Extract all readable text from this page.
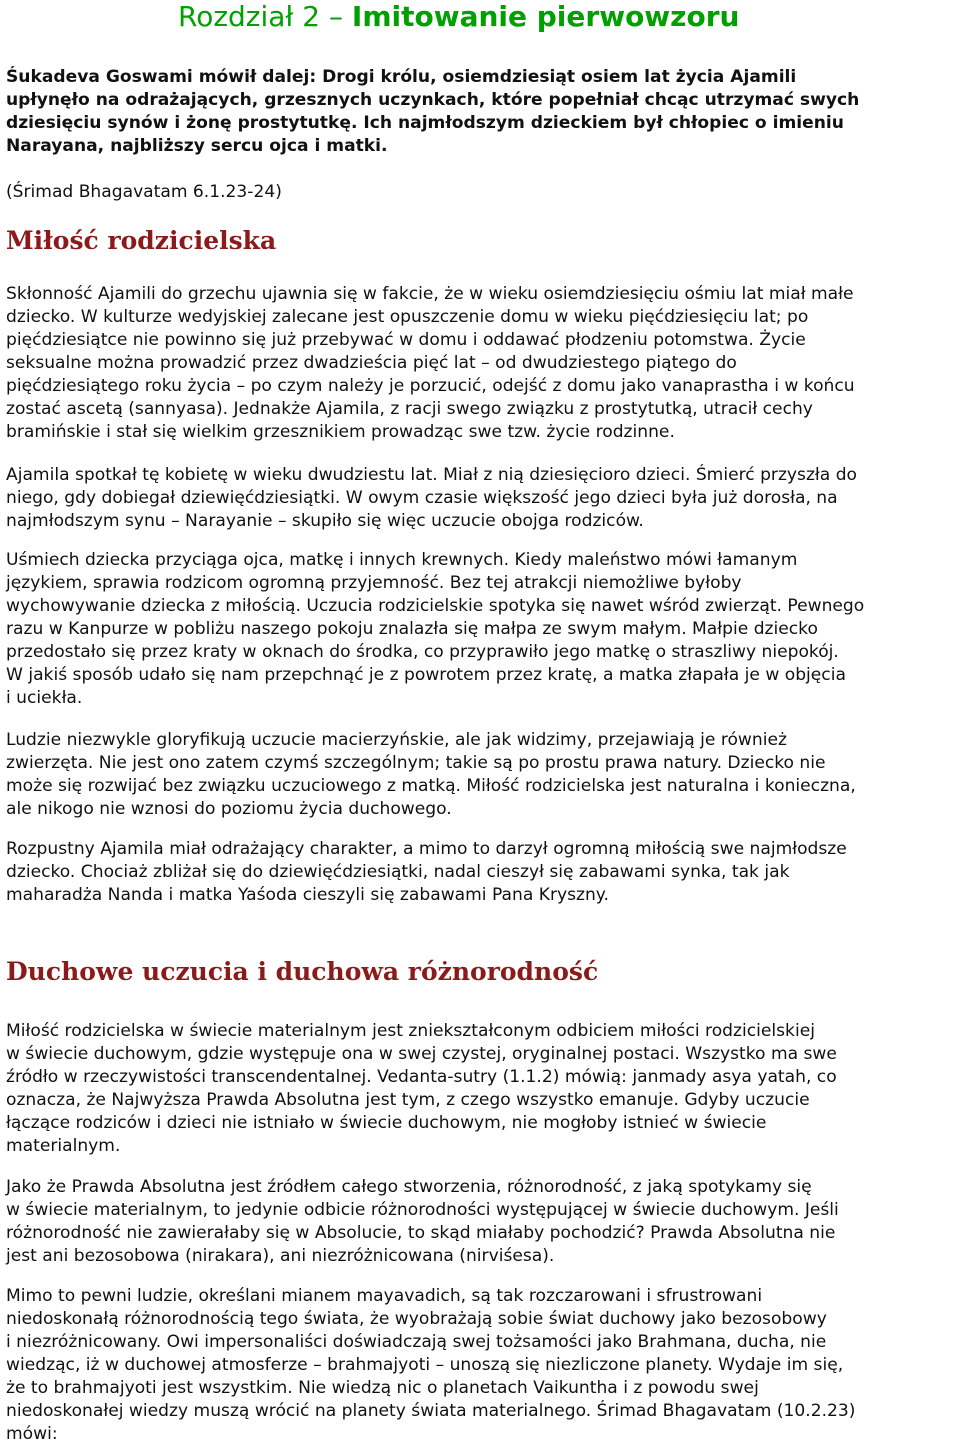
Rozdział 2 – Imitowanie pierwowzoru
Śukadeva Goswami mówił dalej: Drogi królu, osiemdziesiąt osiem lat życia Ajamili
upłynęło na odrażających, grzesznych uczynkach, które popełniał chcąc utrzymać swych
dziesięciu synów i żonę prostytutkę. Ich najmłodszym dzieckiem był chłopiec o imieniu
Narayana, najbliższy sercu ojca i matki.
(Śrimad Bhagavatam 6.1.23-24)
Miłość rodzicielska
Skłonność Ajamili do grzechu ujawnia się w fakcie, że w wieku osiemdziesięciu ośmiu lat miał małe
dziecko. W kulturze wedyjskiej zalecane jest opuszczenie domu w wieku pięćdziesięciu lat; po
pięćdziesiątce nie powinno się już przebywać w domu i oddawać płodzeniu potomstwa. Życie
seksualne można prowadzić przez dwadzieścia pięć lat – od dwudziestego piątego do
pięćdziesiątego roku życia – po czym należy je porzucić, odejść z domu jako vanaprastha i w końcu
zostać ascetą (sannyasa). Jednakże Ajamila, z racji swego związku z prostytutką, utracił cechy
bramińskie i stał się wielkim grzesznikiem prowadząc swe tzw. życie rodzinne.
Ajamila spotkał tę kobietę w wieku dwudziestu lat. Miał z nią dziesięcioro dzieci. Śmierć przyszła do
niego, gdy dobiegał dziewięćdziesiątki. W owym czasie większość jego dzieci była już dorosła, na
najmłodszym synu – Narayanie – skupiło się więc uczucie obojga rodziców.
Uśmiech dziecka przyciąga ojca, matkę i innych krewnych. Kiedy maleństwo mówi łamanym
językiem, sprawia rodzicom ogromną przyjemność. Bez tej atrakcji niemożliwe byłoby
wychowywanie dziecka z miłością. Uczucia rodzicielskie spotyka się nawet wśród zwierząt. Pewnego
razu w Kanpurze w pobliżu naszego pokoju znalazła się małpa ze swym małym. Małpie dziecko
przedostało się przez kraty w oknach do środka, co przyprawiło jego matkę o straszliwy niepokój.
W jakiś sposób udało się nam przepchnąć je z powrotem przez kratę, a matka złapała je w objęcia
i uciekła.
Ludzie niezwykle gloryfikują uczucie macierzyńskie, ale jak widzimy, przejawiają je również
zwierzęta. Nie jest ono zatem czymś szczególnym; takie są po prostu prawa natury. Dziecko nie
może się rozwijać bez związku uczuciowego z matką. Miłość rodzicielska jest naturalna i konieczna,
ale nikogo nie wznosi do poziomu życia duchowego.
Rozpustny Ajamila miał odrażający charakter, a mimo to darzył ogromną miłością swe najmłodsze
dziecko. Chociaż zbliżał się do dziewięćdziesiątki, nadal cieszył się zabawami synka, tak jak
maharadża Nanda i matka Yaśoda cieszyli się zabawami Pana Kryszny.
Duchowe uczucia i duchowa różnorodność
Miłość rodzicielska w świecie materialnym jest zniekształconym odbiciem miłości rodzicielskiej
w świecie duchowym, gdzie występuje ona w swej czystej, oryginalnej postaci. Wszystko ma swe
źródło w rzeczywistości transcendentalnej. Vedanta-sutry (1.1.2) mówią: janmady asya yatah, co
oznacza, że Najwyższa Prawda Absolutna jest tym, z czego wszystko emanuje. Gdyby uczucie
łączące rodziców i dzieci nie istniało w świecie duchowym, nie mogłoby istnieć w świecie
materialnym.
Jako że Prawda Absolutna jest źródłem całego stworzenia, różnorodność, z jaką spotykamy się
w świecie materialnym, to jedynie odbicie różnorodności występującej w świecie duchowym. Jeśli
różnorodność nie zawierałaby się w Absolucie, to skąd miałaby pochodzić? Prawda Absolutna nie
jest ani bezosobowa (nirakara), ani niezróżnicowana (nirviśesa).
Mimo to pewni ludzie, określani mianem mayavadich, są tak rozczarowani i sfrustrowani
niedoskonałą różnorodnością tego świata, że wyobrażają sobie świat duchowy jako bezosobowy
i niezróżnicowany. Owi impersonaliści doświadczają swej tożsamości jako Brahmana, ducha, nie
wiedząc, iż w duchowej atmosferze – brahmajyoti – unoszą się niezliczone planety. Wydaje im się,
że to brahmajyoti jest wszystkim. Nie wiedzą nic o planetach Vaikuntha i z powodu swej
niedoskonałej wiedzy muszą wrócić na planety świata materialnego. Śrimad Bhagavatam (10.2.23)
mówi:
